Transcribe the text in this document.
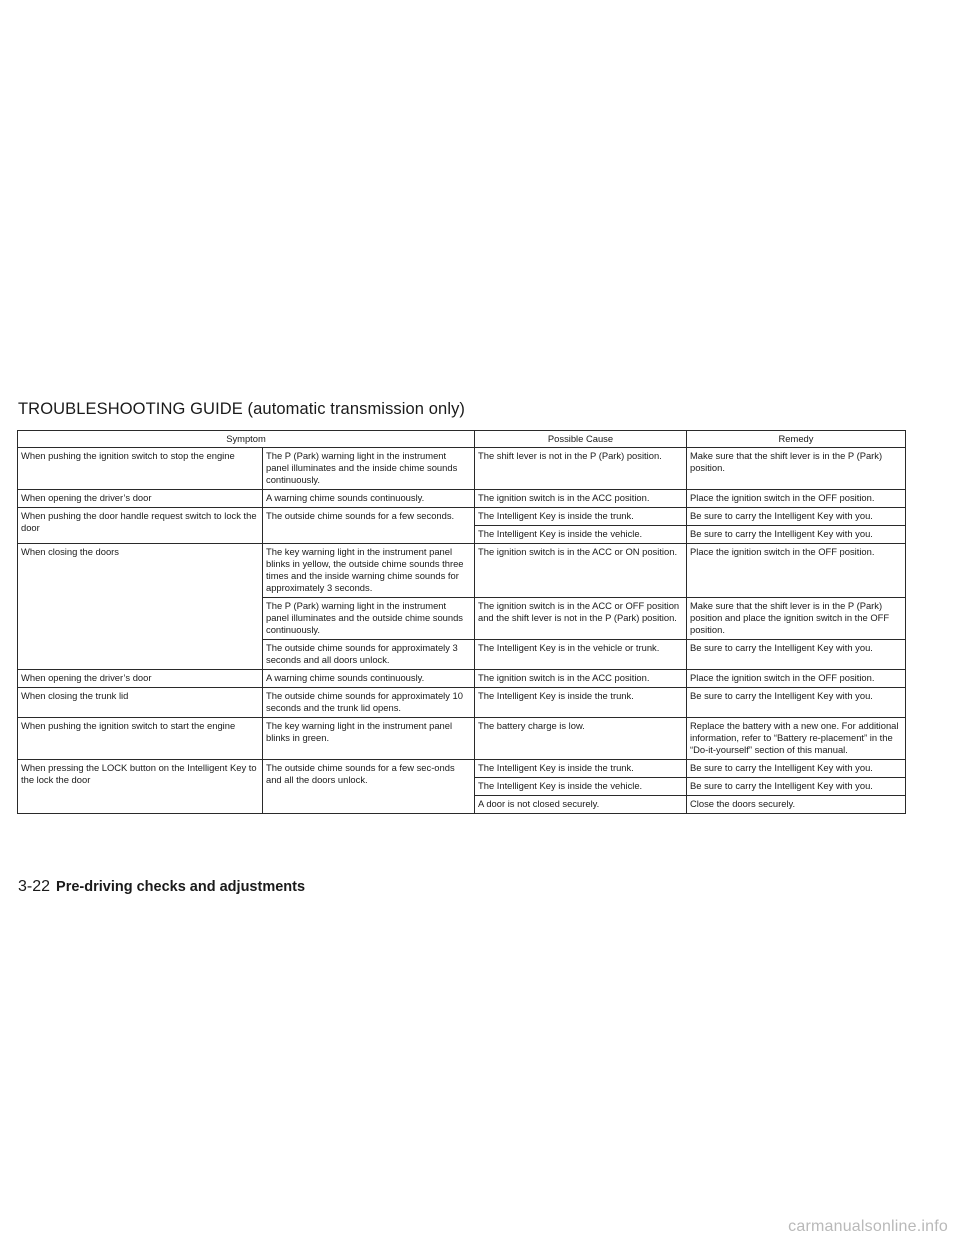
TROUBLESHOOTING GUIDE (automatic transmission only)
Symptom		Possible Cause	Remedy
When pushing the ignition switch to stop the engine	The P (Park) warning light in the instrument panel illuminates and the inside chime sounds continuously.	The shift lever is not in the P (Park) position.	Make sure that the shift lever is in the P (Park) position.
When opening the driver’s door	A warning chime sounds continuously.	The ignition switch is in the ACC position.	Place the ignition switch in the OFF position.
When pushing the door handle request switch to lock the door	The outside chime sounds for a few seconds.	The Intelligent Key is inside the trunk.	Be sure to carry the Intelligent Key with you.
		The Intelligent Key is inside the vehicle.	Be sure to carry the Intelligent Key with you.
When closing the doors	The key warning light in the instrument panel blinks in yellow, the outside chime sounds three times and the inside warning chime sounds for approximately 3 seconds.	The ignition switch is in the ACC or ON position.	Place the ignition switch in the OFF position.
	The P (Park) warning light in the instrument panel illuminates and the outside chime sounds continuously.	The ignition switch is in the ACC or OFF position and the shift lever is not in the P (Park) position.	Make sure that the shift lever is in the P (Park) position and place the ignition switch in the OFF position.
	The outside chime sounds for approximately 3 seconds and all doors unlock.	The Intelligent Key is in the vehicle or trunk.	Be sure to carry the Intelligent Key with you.
When opening the driver’s door	A warning chime sounds continuously.	The ignition switch is in the ACC position.	Place the ignition switch in the OFF position.
When closing the trunk lid	The outside chime sounds for approximately 10 seconds and the trunk lid opens.	The Intelligent Key is inside the trunk.	Be sure to carry the Intelligent Key with you.
When pushing the ignition switch to start the engine	The key warning light in the instrument panel blinks in green.	The battery charge is low.	Replace the battery with a new one. For additional information, refer to “Battery re-placement” in the “Do-it-yourself” section of this manual.
When pressing the LOCK button on the Intelligent Key to the lock the door	The outside chime sounds for a few sec-onds and all the doors unlock.	The Intelligent Key is inside the trunk.	Be sure to carry the Intelligent Key with you.
		The Intelligent Key is inside the vehicle.	Be sure to carry the Intelligent Key with you.
		A door is not closed securely.	Close the doors securely.
3-22 Pre-driving checks and adjustments
carmanualsonline.info
